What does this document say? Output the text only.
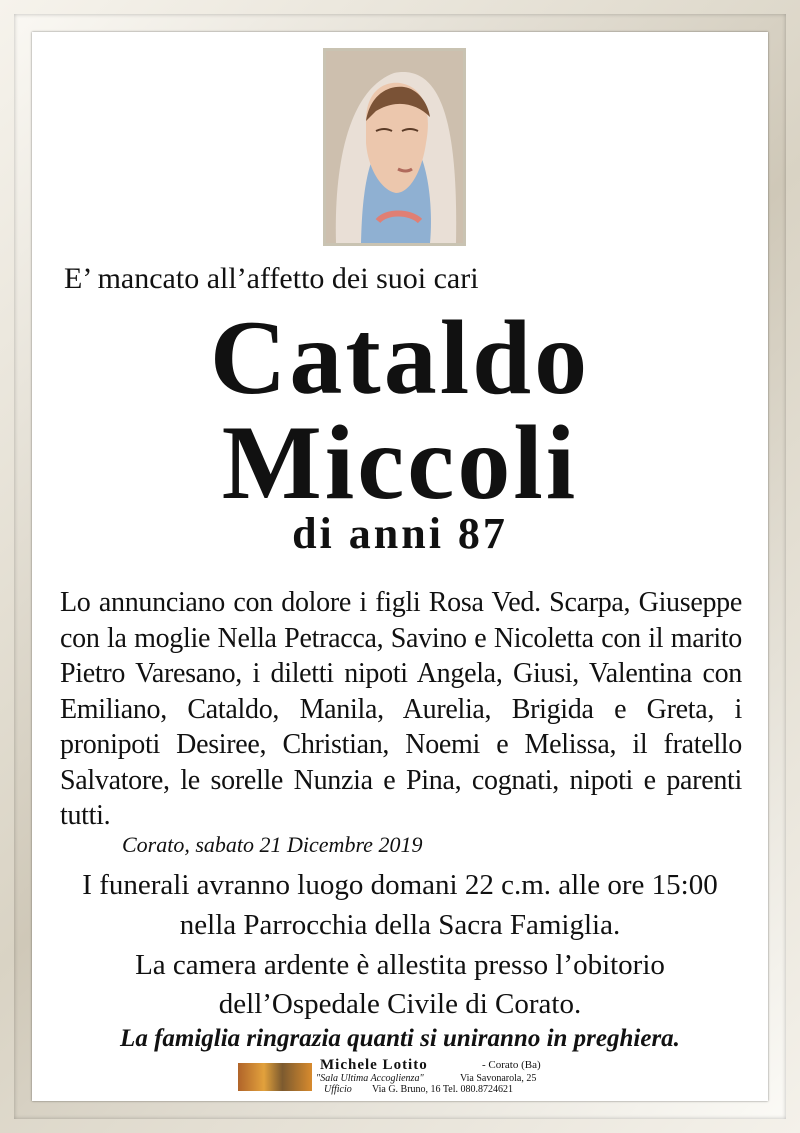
E’ mancato all’affetto dei suoi cari
Cataldo
Miccoli
di anni 87
Lo annunciano con dolore i figli Rosa Ved. Scarpa, Giuseppe con la moglie Nella Petracca, Savino e Nicoletta con il marito Pietro Varesano, i diletti nipoti Angela, Giusi, Valentina con Emiliano, Cataldo, Manila, Aurelia, Brigida e Greta, i pronipoti Desiree, Christian, Noemi e Melissa, il fratello Salvatore, le sorelle Nunzia e Pina, cognati, nipoti e parenti tutti.
Corato, sabato 21 Dicembre 2019
I funerali avranno luogo domani 22 c.m. alle ore 15:00
nella Parrocchia della Sacra Famiglia.
La camera ardente è allestita presso l’obitorio
dell’Ospedale Civile di Corato.
La famiglia ringrazia quanti si uniranno in preghiera.
Michele Lotito	- Corato (Ba)
"Sala Ultima Accoglienza"	Via Savonarola, 25
Ufficio Via G. Bruno, 16 Tel. 080.8724621
